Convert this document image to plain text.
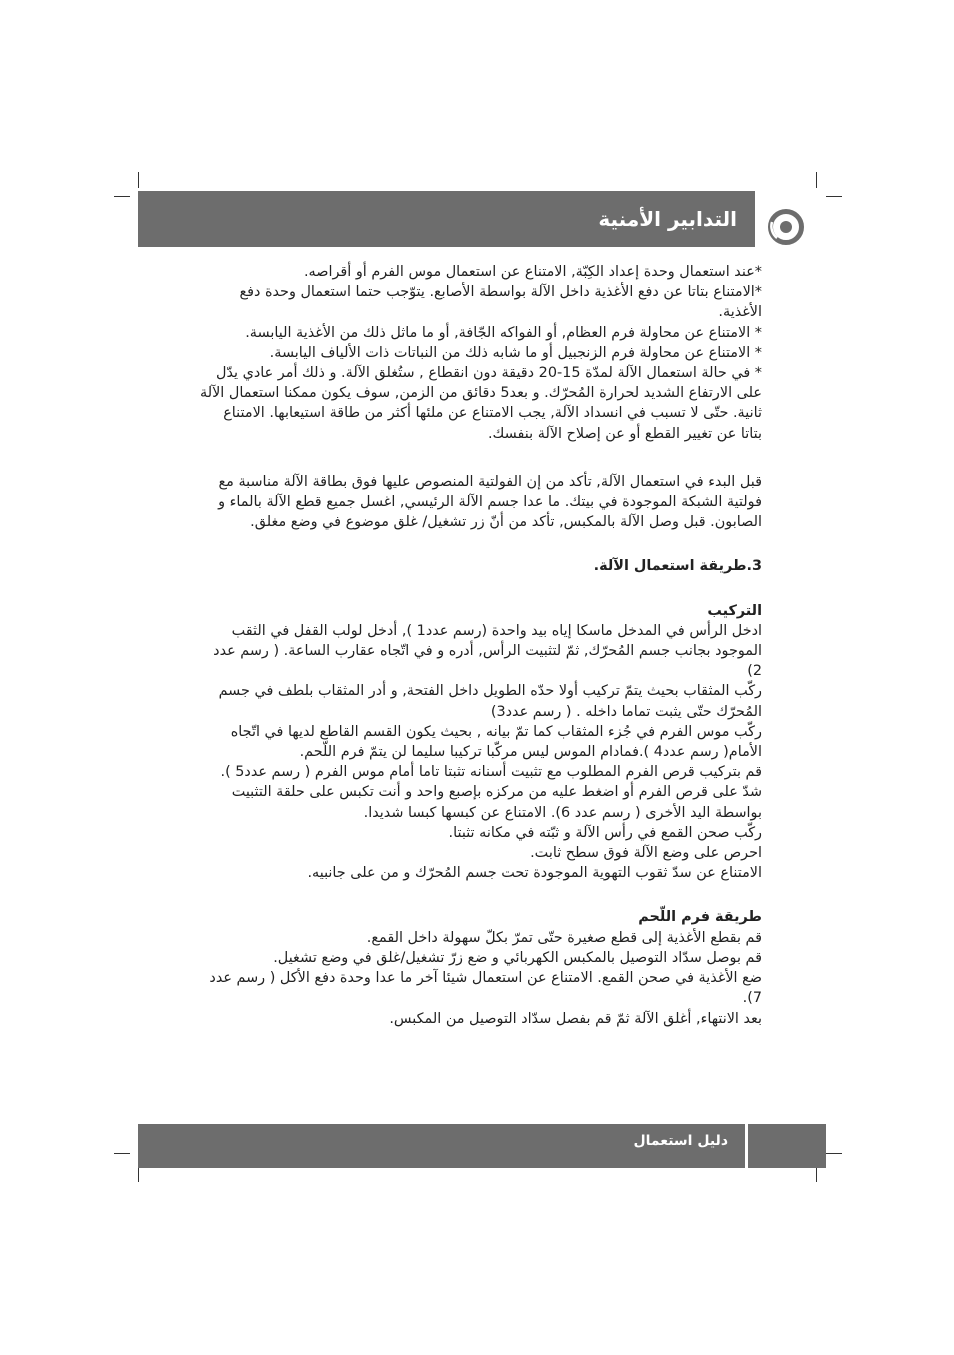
التدابير الأمنية

*عند استعمال وحدة إعداد الكِبّة, الامتناع عن استعمال موس الفرم أو أقراصه.

*الامتناع بتاتا عن دفع الأغذية داخل الآلة بواسطة الأصابع. يتوّجب حتما استعمال وحدة دفع الأغذية.

* الامتناع عن محاولة فرم العظام, أو الفواكه الجّافة, أو ما ماثل ذلك من الأغذية اليابسة.

* الامتناع عن محاولة فرم الزنجبيل أو ما شابه ذلك من النباتات ذات الألياف اليابسة.

* في حالة استعمال الآلة لمدّة 15-20 دقيقة دون انقطاع , ستُغلق الآلة. و ذلك أمر عادي يدّل على الارتفاع الشديد لحرارة المُحرّك. و بعد5 دقائق من الزمن, سوف يكون ممكنا استعمال الآلة ثانية. حتّى لا تسبب في انسداد الآلة, يجب الامتناع عن ملئها أكثر من طاقة استيعابها. الامتناع بتاتا عن تغيير القطع أو عن إصلاح الآلة بنفسك.

قبل البدء في استعمال الآلة, تأكد من إن الفولتية المنصوص عليها فوق بطاقة الآلة مناسبة مع فولتية الشبكة الموجودة في بيتك. ما عدا جسم الآلة الرئيسي, اغسل جميع قطع الآلة بالماء و الصابون. قبل وصل الآلة بالمكبس, تأكد من أنّ زر تشغيل/ غلق موضوع في وضع مغلق.

3.طريقة استعمال الآلة.

التركيب

ادخل الرأس في المدخل ماسكا إياه بيد واحدة (رسم عدد1 ), أدخل لولب القفل في الثقب الموجود بجانب جسم المُحرّك, ثمّ لتثبيت الرأس, أدره و في اتّجاه عقارب الساعة. ( رسم عدد 2)

ركّب المثقاب بحيث يتمّ تركيب أولا حدّه الطويل داخل الفتحة, و أدر المثقاب بلطف في جسم المُحرّك حتّى يثبت تماما داخله . ( رسم عدد3)

ركّب موس الفرم في جُزء المثقاب كما تمّ بيانه , بحيث يكون القسم القاطع لديها في اتّجاه الأمام( رسم عدد4 ).فمادام الموس ليس مركّبا تركيبا سليما لن يتمّ فرم اللّحم.

قم بتركيب قرص الفرم المطلوب مع تثبيت أسنانه تثبتا تاما أمام موس الفرم ( رسم عدد5 ).

شدّ على قرص الفرم أو اضغط عليه من مركزه بإصبع واحد و أنت تكبس على حلقة التثبيت بواسطة اليد الأخرى ( رسم عدد 6). الامتناع عن كبسها كبسا شديدا.

ركّب صحن القمع في رأس الآلة و ثبّته في مكانه تثبتا.

احرص على وضع الآلة فوق سطح ثابت.

الامتناع عن سدّ ثقوب التهوية الموجودة تحت جسم المُحرّك و من على جانبيه.

طريقة فرم اللّحم

قم بقطع الأغذية إلى قطع صغيرة حتّى تمرّ بكلّ سهولة داخل القمع.

قم بوصل سدّاد التوصيل بالمكبس الكهربائي و ضع زرّ تشغيل/غلق في وضع تشغيل.

ضع الأغذية في صحن القمع. الامتناع عن استعمال شيئا آخر ما عدا وحدة دفع الأكل ( رسم عدد 7).

بعد الانتهاء, أغلق الآلة ثمّ قم بفصل سدّاد التوصيل من المكبس.

دليل استعمال
